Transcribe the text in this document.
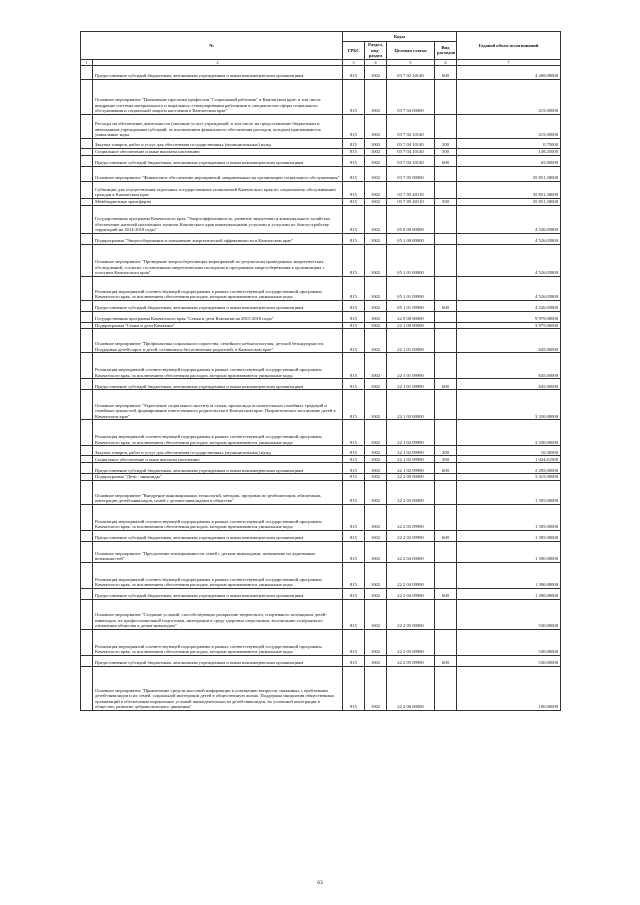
№		Коды				Годовой объем ассигнований
		ГРБС	Раздел, под-раздел	Целевая статья	Вид расходов	
1	2	3	4	5	6	7
	Предоставление субсидий бюджетным, автономным учреждениям и иным некоммерческим организациям	815	1002	03 7 02 10140	600	4 268,00000
	Основное мероприятие "Повышение престижа профессии "Социальный работник" в Камчатском крае, в том числе внедрение системы материального и морального стимулирования работников в специалистов сферы социального обслуживания и социальной защиты населения в Камчатском крае"	815	1002	03 7 04 00000		215,00000
	Расходы на обеспечение деятельности (оказание услуг) учреждений, в том числе на предоставление бюджетным и автономным учреждениям субсидий, за исключением финансового обеспечения расходов, которым присваиваются уникальные коды	815	1002	03 7 04 10140		215,00000
	Закупка товаров, работ и услуг для обеспечения государственных (муниципальных) нужд	815	1002	03 7 04 10140	200	0,75000
	Социальное обеспечение и иные выплаты населению	815	1002	03 7 04 10140	300	149,25000
	Предоставление субсидий бюджетным, автономным учреждениям и иным некоммерческим организациям	815	1002	03 7 04 10140	600	65,00000
	Основное мероприятие "Финансовое обеспечение мероприятий, направленных на организацию социального обслуживания"	815	1002	03 7 05 00000		35 851,30000
	Субвенции для осуществления отдельных государственных полномочий Камчатского края по социальному обслуживанию граждан в Камчатском крае	815	1002	03 7 05 40110		35 851,30000
	Межбюджетные трансферты	815	1002	03 7 05 40110	500	35 851,30000
	Государственная программа Камчатского края "Энергоэффективность, развитие энергетики и коммунального хозяйства, обеспечение жителей населенных пунктов Камчатского края коммунальными услугами и услугами по благоустройству территорий на 2014-2018 годы"	815	1002	05 0 00 00000		4 526,05800
	Подпрограмма "Энергосбережение и повышение энергетической эффективности в Камчатском крае"	815	1002	05 1 00 00000		4 526,05800
	Основное мероприятие "Проведение энергосберегающих мероприятий по результатам проведенных энергетических обследований, согласно составленным энергетическим паспортам и программам энергосбережения в организациях с участием Камчатского края"	815	1002	05 1 01 00000		4 526,05800
	Реализация мероприятий соответствующей подпрограммы в рамках соответствующей государственной программы Камчатского края, за исключением обеспечения расходов, которым присваиваются уникальные коды	815	1002	05 1 01 09990		4 526,05800
	Предоставление субсидий бюджетным, автономным учреждениям и иным некоммерческим организациям	815	1002	05 1 01 09990	600	4 526,05800
	Государственная программа Камчатского края "Семья и дети Камчатки на 2015-2018 годы"	815	1002	22 0 00 00000		9 979,00000
	Подпрограмма "Семья и дети Камчатки"	815	1002	22 1 00 00000		3 975,00000
	Основное мероприятие "Профилактика социального сиротства, семейного неблагополучия, детской безнадзорности. Поддержка детей-сирот и детей, оставшихся без попечения родителей, в Камчатском крае"	815	1002	22 1 01 00000		645,00000
	Реализация мероприятий соответствующей подпрограммы в рамках соответствующей государственной программы Камчатского края, за исключением обеспечения расходов, которым присваиваются уникальные коды	815	1002	22 1 01 09990		645,00000
	Предоставление субсидий бюджетным, автономным учреждениям и иным некоммерческим организациям	815	1002	22 1 01 09990	600	645,00000
	Основное мероприятие "Укрепление социального института семьи, пропаганда положительных семейных традиций и семейных ценностей, формирование ответственного родительства в Камчатском крае. Патриотическое воспитание детей в Камчатском крае"	815	1002	22 1 02 00000		3 330,00000
	Реализация мероприятий соответствующей подпрограммы в рамках соответствующей государственной программы Камчатского края, за исключением обеспечения расходов, которым присваиваются уникальные коды	815	1002	22 1 02 09990		3 330,00000
	Закупка товаров, работ и услуг для обеспечения государственных (муниципальных) нужд	815	1002	22 1 02 09990	200	10,38500
	Социальное обеспечение и иные выплаты населению	815	1002	22 1 02 09990	300	1 024,61500
	Предоставление субсидий бюджетным, автономным учреждениям и иным некоммерческим организациям	815	1002	22 1 02 09990	600	2 295,00000
	Подпрограмма "Дети - инвалиды"	815	1002	22 2 00 00000		3 415,00000
	Основное мероприятие "Внедрение инновационных технологий, методик, программ по реабилитации, абилитации, интеграции детей-инвалидов, семей с детьми-инвалидами в общество"	815	1002	22 2 03 00000		1 395,00000
	Реализация мероприятий соответствующей подпрограммы в рамках соответствующей государственной программы Камчатского края, за исключением обеспечения расходов, которым присваиваются уникальные коды	815	1002	22 2 03 09990		1 395,00000
	Предоставление субсидий бюджетным, автономным учреждениям и иным некоммерческим организациям	815	1002	22 2 03 09990	600	1 395,00000
	Основное мероприятие "Преодоление изолированности семей с детьми-инвалидами, повышение их адаптивных возможностей"	815	1002	22 2 04 00000		1 390,00000
	Реализация мероприятий соответствующей подпрограммы в рамках соответствующей государственной программы Камчатского края, за исключением обеспечения расходов, которым присваиваются уникальные коды	815	1002	22 2 04 09990		1 390,00000
	Предоставление субсидий бюджетным, автономным учреждениям и иным некоммерческим организациям	815	1002	22 2 04 09990	600	1 390,00000
	Основное мероприятие "Создание условий, способствующих раскрытию творческого, спортивного потенциала детей-инвалидов, их профессиональной подготовки, интеграции в среду здоровых сверстников, воспитанию толерантного отношения общества к детям-инвалидам"	815	1002	22 2 05 00000		530,00000
	Реализация мероприятий соответствующей подпрограммы в рамках соответствующей государственной программы Камчатского края, за исключением обеспечения расходов, которым присваиваются уникальные коды	815	1002	22 2 05 09990		530,00000
	Предоставление субсидий бюджетным, автономным учреждениям и иным некоммерческим организациям	815	1002	22 2 05 09990	600	530,00000
	Основное мероприятие "Привлечение средств массовой информации к освещению вопросов, связанных с проблемами детей-инвалидов и их семей, социальной интеграции детей в общественную жизнь. Поддержка инициатив общественных организаций в обеспечении нормальных условий жизнедеятельности детей-инвалидов, их успешной интеграции в общество, развитие добровольческого движения"	815	1002	22 2 06 00000		100,00000
63
